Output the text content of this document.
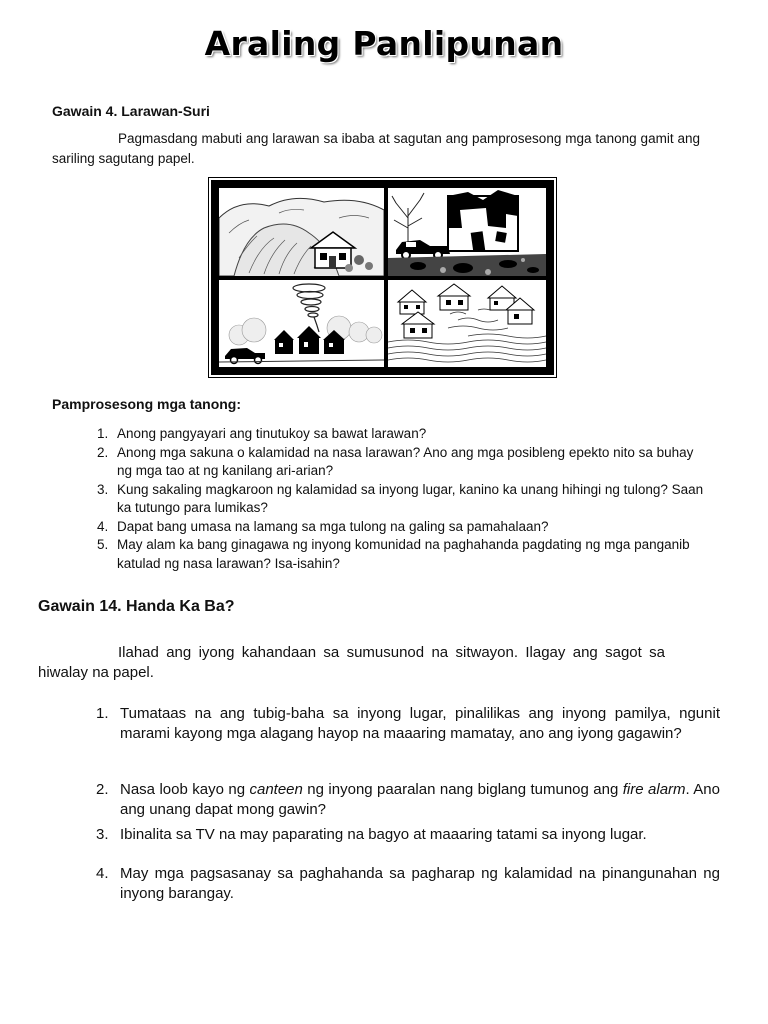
Araling Panlipunan
Gawain 4. Larawan-Suri
Pagmasdang mabuti ang larawan sa ibaba at sagutan ang pamprosesong mga tanong gamit ang sariling sagutang papel.
Pamprosesong mga tanong:
1. Anong pangyayari ang tinutukoy sa bawat larawan?
2. Anong mga sakuna o kalamidad na nasa larawan? Ano ang mga posibleng epekto nito sa buhay ng mga tao at ng kanilang ari-arian?
3. Kung sakaling magkaroon ng kalamidad sa inyong lugar, kanino ka unang hihingi ng tulong? Saan ka tutungo para lumikas?
4. Dapat bang umasa na lamang sa mga tulong na galing sa pamahalaan?
5. May alam ka bang ginagawa ng inyong komunidad na paghahanda pagdating ng mga panganib katulad ng nasa larawan? Isa-isahin?
Gawain 14. Handa Ka Ba?
Ilahad ang iyong kahandaan sa sumusunod na sitwayon. Ilagay ang sagot sa hiwalay na papel.
1. Tumataas na ang tubig-baha sa inyong lugar, pinalilikas ang inyong pamilya, ngunit marami kayong mga alagang hayop na maaaring mamatay, ano ang iyong gagawin?
2. Nasa loob kayo ng canteen ng inyong paaralan nang biglang tumunog ang fire alarm. Ano ang unang dapat mong gawin?
3. Ibinalita sa TV na may paparating na bagyo at maaaring tatami sa inyong lugar.
4. May mga pagsasanay sa paghahanda sa pagharap ng kalamidad na pinangunahan ng inyong barangay.
